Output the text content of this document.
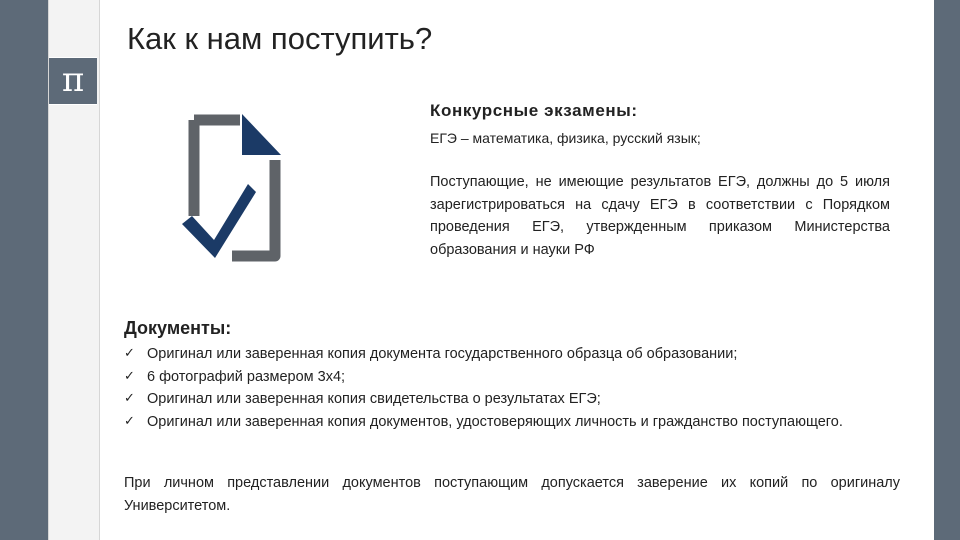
π
Как к нам поступить?
Конкурсные экзамены:
ЕГЭ – математика, физика, русский язык;
Поступающие, не имеющие результатов ЕГЭ, должны до 5 июля зарегистрироваться на сдачу ЕГЭ в соответствии с Порядком проведения ЕГЭ, утвержденным приказом Министерства образования и науки РФ
Документы:
✓ Оригинал или заверенная копия документа государственного образца об образовании;
✓ 6 фотографий размером 3х4;
✓ Оригинал или заверенная копия свидетельства о результатах ЕГЭ;
✓ Оригинал или заверенная копия документов, удостоверяющих личность и гражданство поступающего.
При личном представлении документов поступающим допускается заверение их копий по оригиналу Университетом.
